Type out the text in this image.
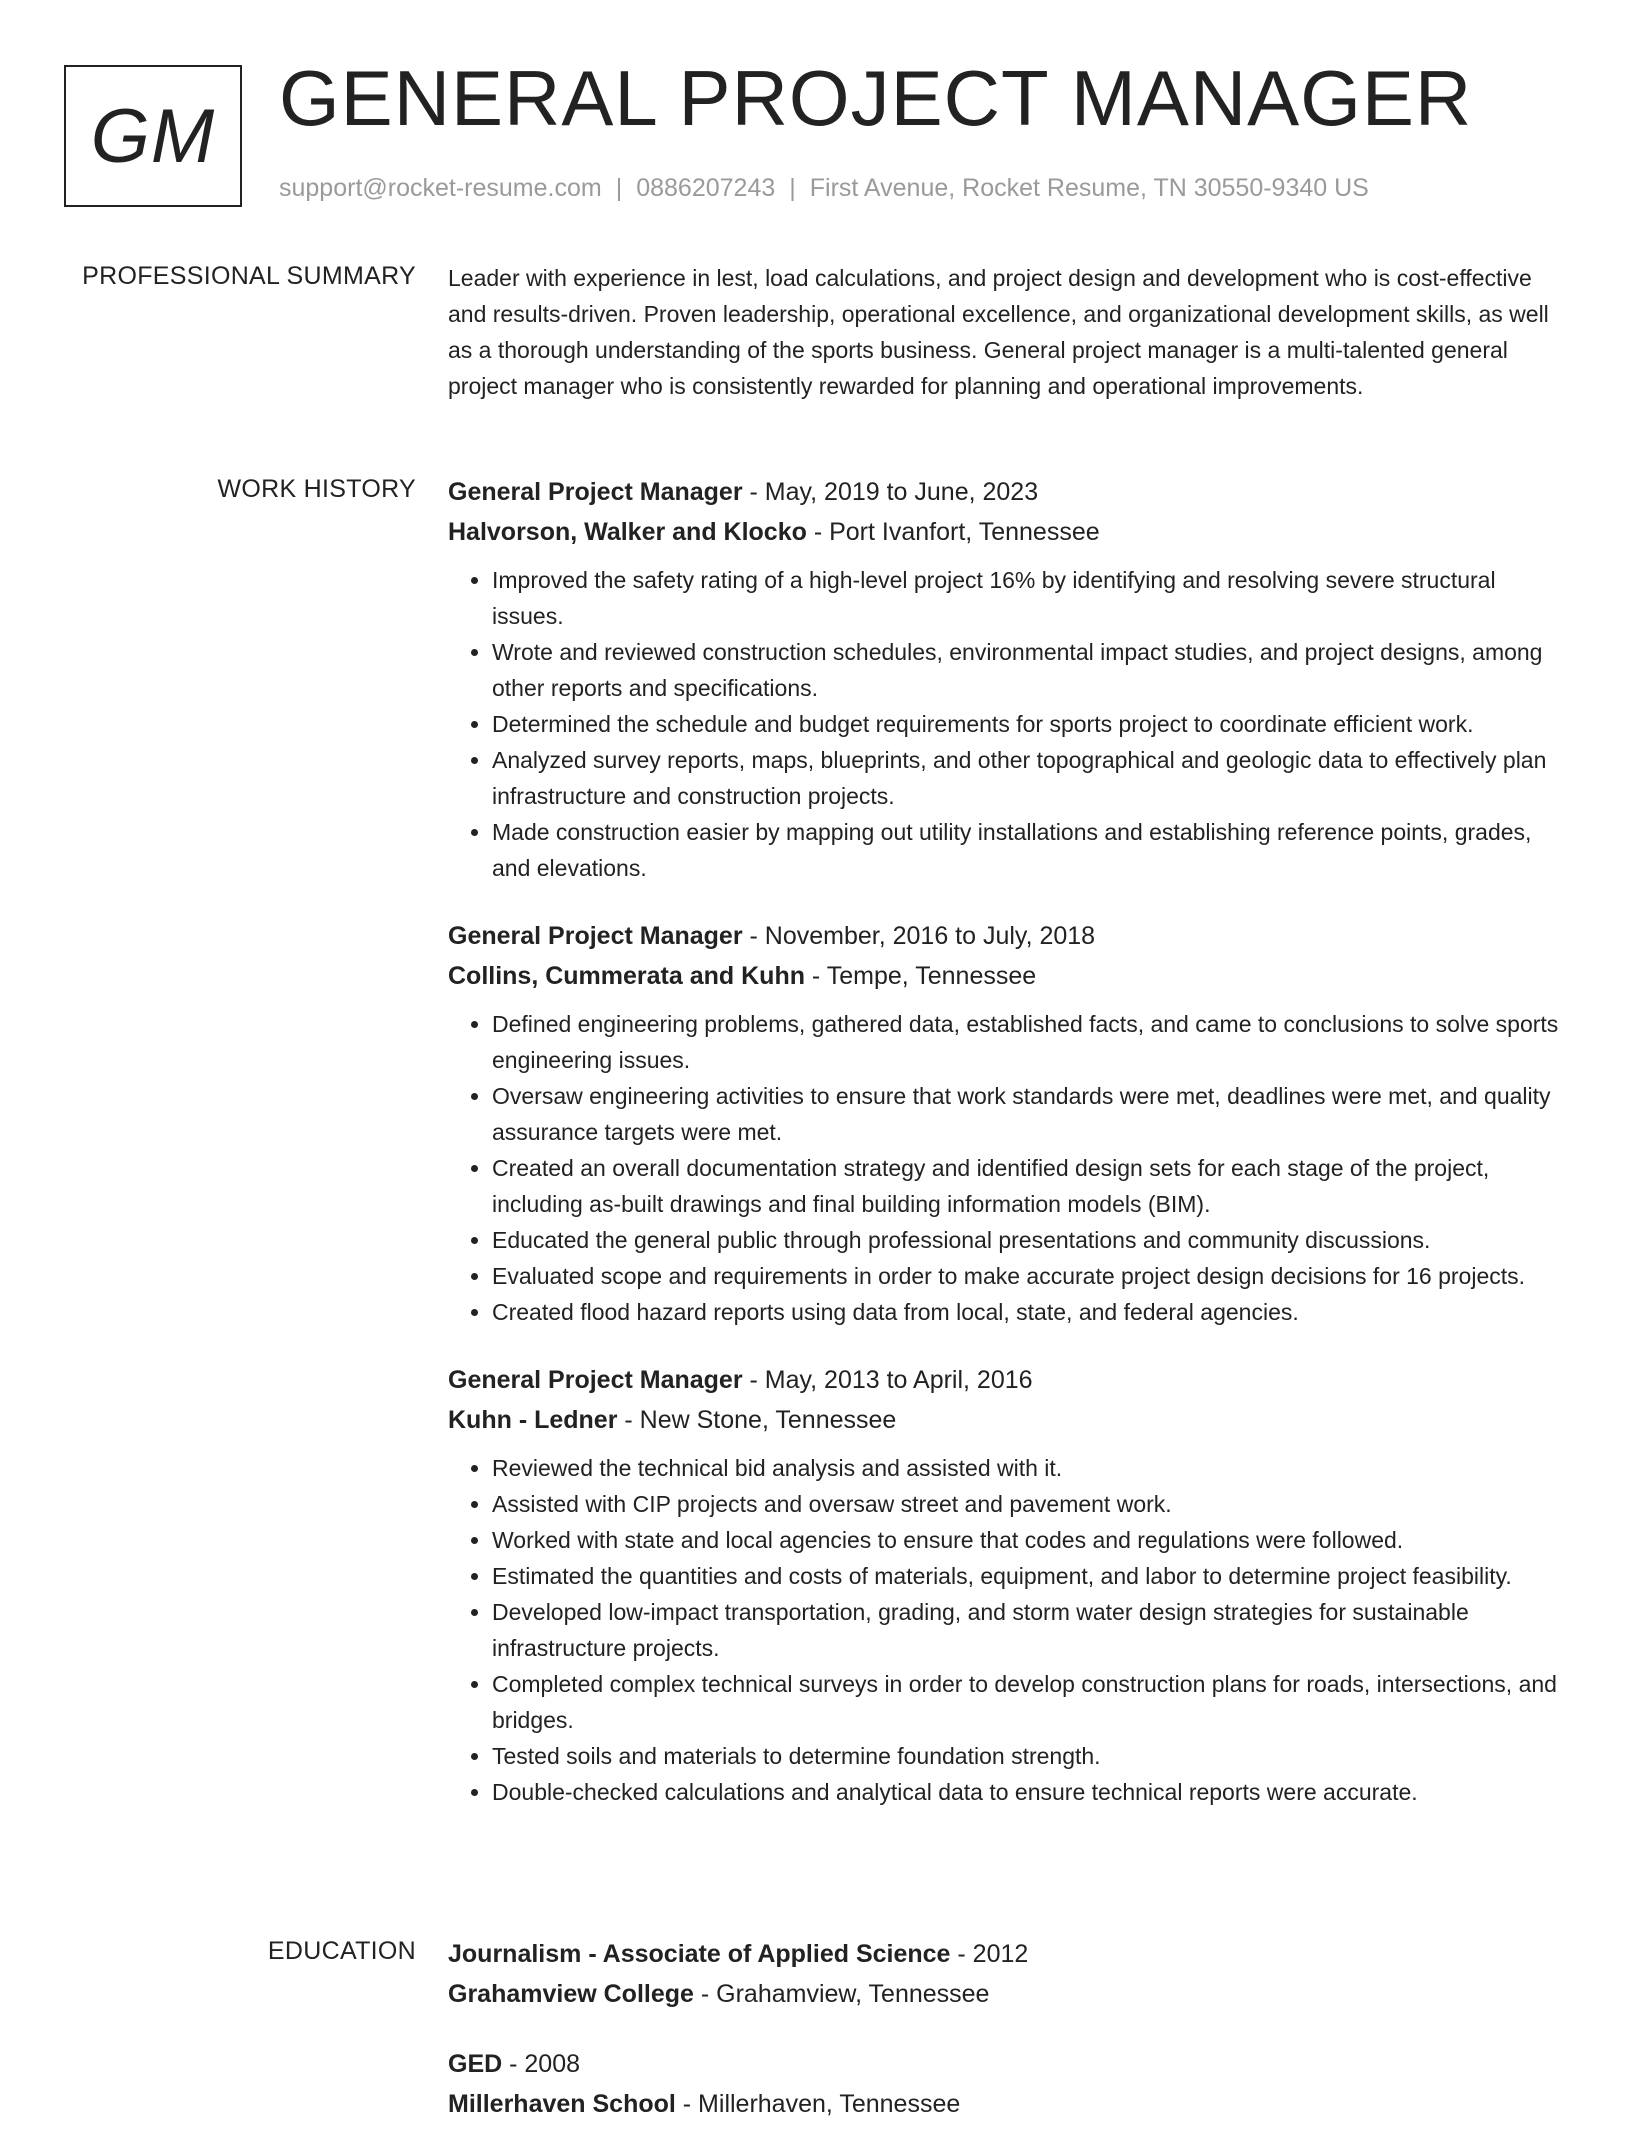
GM GENERAL PROJECT MANAGER
support@rocket-resume.com | 0886207243 | First Avenue, Rocket Resume, TN 30550-9340 US
PROFESSIONAL SUMMARY Leader with experience in lest, load calculations, and project design and development who is cost-effective and results-driven. Proven leadership, operational excellence, and organizational development skills, as well as a thorough understanding of the sports business. General project manager is a multi-talented general project manager who is consistently rewarded for planning and operational improvements.

WORK HISTORY General Project Manager - May, 2019 to June, 2023
Halvorson, Walker and Klocko - Port Ivanfort, Tennessee
• Improved the safety rating of a high-level project 16% by identifying and resolving severe structural issues.
• Wrote and reviewed construction schedules, environmental impact studies, and project designs, among other reports and specifications.
• Determined the schedule and budget requirements for sports project to coordinate efficient work.
• Analyzed survey reports, maps, blueprints, and other topographical and geologic data to effectively plan infrastructure and construction projects.
• Made construction easier by mapping out utility installations and establishing reference points, grades, and elevations.
General Project Manager - November, 2016 to July, 2018
Collins, Cummerata and Kuhn - Tempe, Tennessee
• Defined engineering problems, gathered data, established facts, and came to conclusions to solve sports engineering issues.
• Oversaw engineering activities to ensure that work standards were met, deadlines were met, and quality assurance targets were met.
• Created an overall documentation strategy and identified design sets for each stage of the project, including as-built drawings and final building information models (BIM).
• Educated the general public through professional presentations and community discussions.
• Evaluated scope and requirements in order to make accurate project design decisions for 16 projects.
• Created flood hazard reports using data from local, state, and federal agencies.
General Project Manager - May, 2013 to April, 2016
Kuhn - Ledner - New Stone, Tennessee
• Reviewed the technical bid analysis and assisted with it.
• Assisted with CIP projects and oversaw street and pavement work.
• Worked with state and local agencies to ensure that codes and regulations were followed.
• Estimated the quantities and costs of materials, equipment, and labor to determine project feasibility.
• Developed low-impact transportation, grading, and storm water design strategies for sustainable infrastructure projects.
• Completed complex technical surveys in order to develop construction plans for roads, intersections, and bridges.
• Tested soils and materials to determine foundation strength.
• Double-checked calculations and analytical data to ensure technical reports were accurate.
EDUCATION Journalism - Associate of Applied Science - 2012
Grahamview College - Grahamview, Tennessee
GED - 2008
Millerhaven School - Millerhaven, Tennessee
